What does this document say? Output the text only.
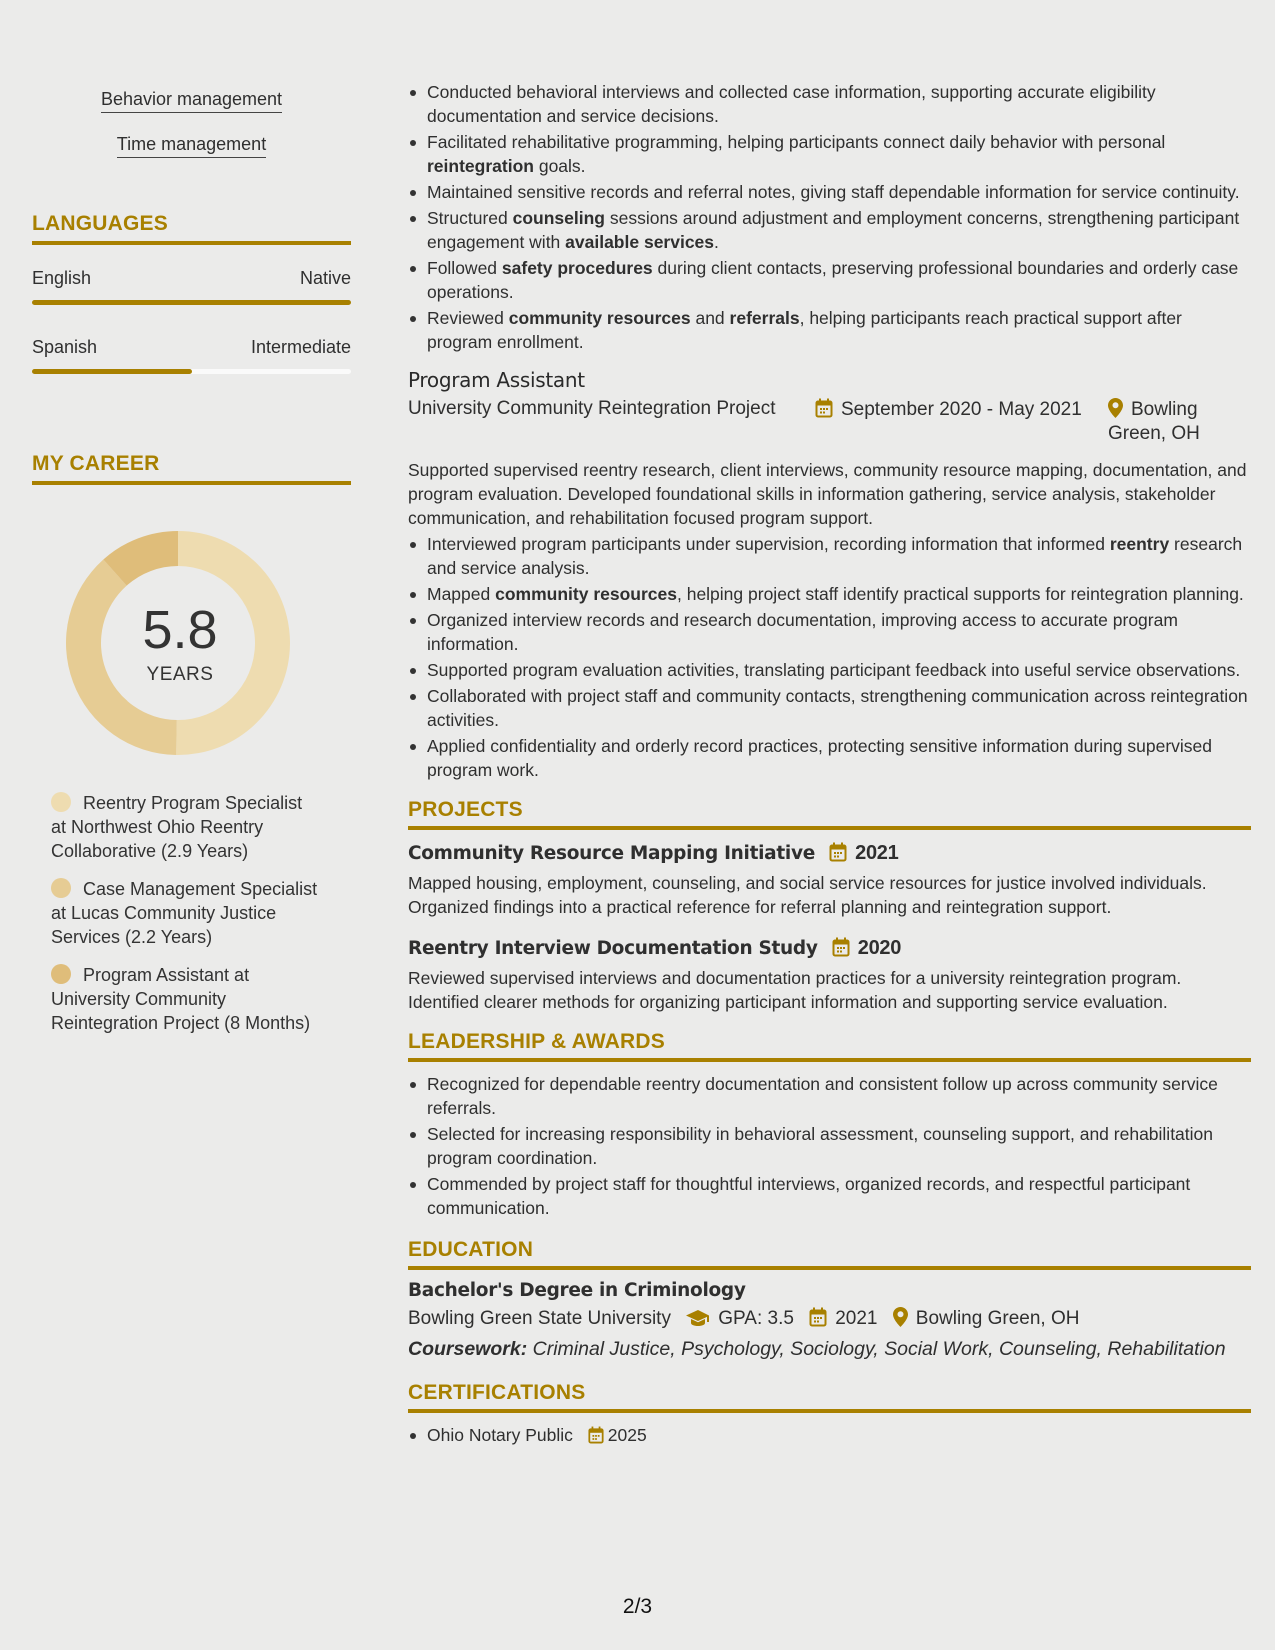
Behavior management
Time management
LANGUAGES
English	Native
Spanish	Intermediate
MY CAREER
5.8
YEARS
Reentry Program Specialist at Northwest Ohio Reentry Collaborative (2.9 Years)
Case Management Specialist at Lucas Community Justice Services (2.2 Years)
Program Assistant at University Community Reintegration Project (8 Months)
Conducted behavioral interviews and collected case information, supporting accurate eligibility documentation and service decisions.
Facilitated rehabilitative programming, helping participants connect daily behavior with personal reintegration goals.
Maintained sensitive records and referral notes, giving staff dependable information for service continuity.
Structured counseling sessions around adjustment and employment concerns, strengthening participant engagement with available services.
Followed safety procedures during client contacts, preserving professional boundaries and orderly case operations.
Reviewed community resources and referrals, helping participants reach practical support after program enrollment.
Program Assistant
University Community Reintegration Project	September 2020 - May 2021	Bowling Green, OH
Supported supervised reentry research, client interviews, community resource mapping, documentation, and program evaluation. Developed foundational skills in information gathering, service analysis, stakeholder communication, and rehabilitation focused program support.
Interviewed program participants under supervision, recording information that informed reentry research and service analysis.
Mapped community resources, helping project staff identify practical supports for reintegration planning.
Organized interview records and research documentation, improving access to accurate program information.
Supported program evaluation activities, translating participant feedback into useful service observations.
Collaborated with project staff and community contacts, strengthening communication across reintegration activities.
Applied confidentiality and orderly record practices, protecting sensitive information during supervised program work.
PROJECTS
Community Resource Mapping Initiative 2021
Mapped housing, employment, counseling, and social service resources for justice involved individuals. Organized findings into a practical reference for referral planning and reintegration support.
Reentry Interview Documentation Study 2020
Reviewed supervised interviews and documentation practices for a university reintegration program. Identified clearer methods for organizing participant information and supporting service evaluation.
LEADERSHIP & AWARDS
Recognized for dependable reentry documentation and consistent follow up across community service referrals.
Selected for increasing responsibility in behavioral assessment, counseling support, and rehabilitation program coordination.
Commended by project staff for thoughtful interviews, organized records, and respectful participant communication.
EDUCATION
Bachelor's Degree in Criminology
Bowling Green State University GPA: 3.5 2021 Bowling Green, OH
Coursework: Criminal Justice, Psychology, Sociology, Social Work, Counseling, Rehabilitation
CERTIFICATIONS
Ohio Notary Public 2025
2/3
